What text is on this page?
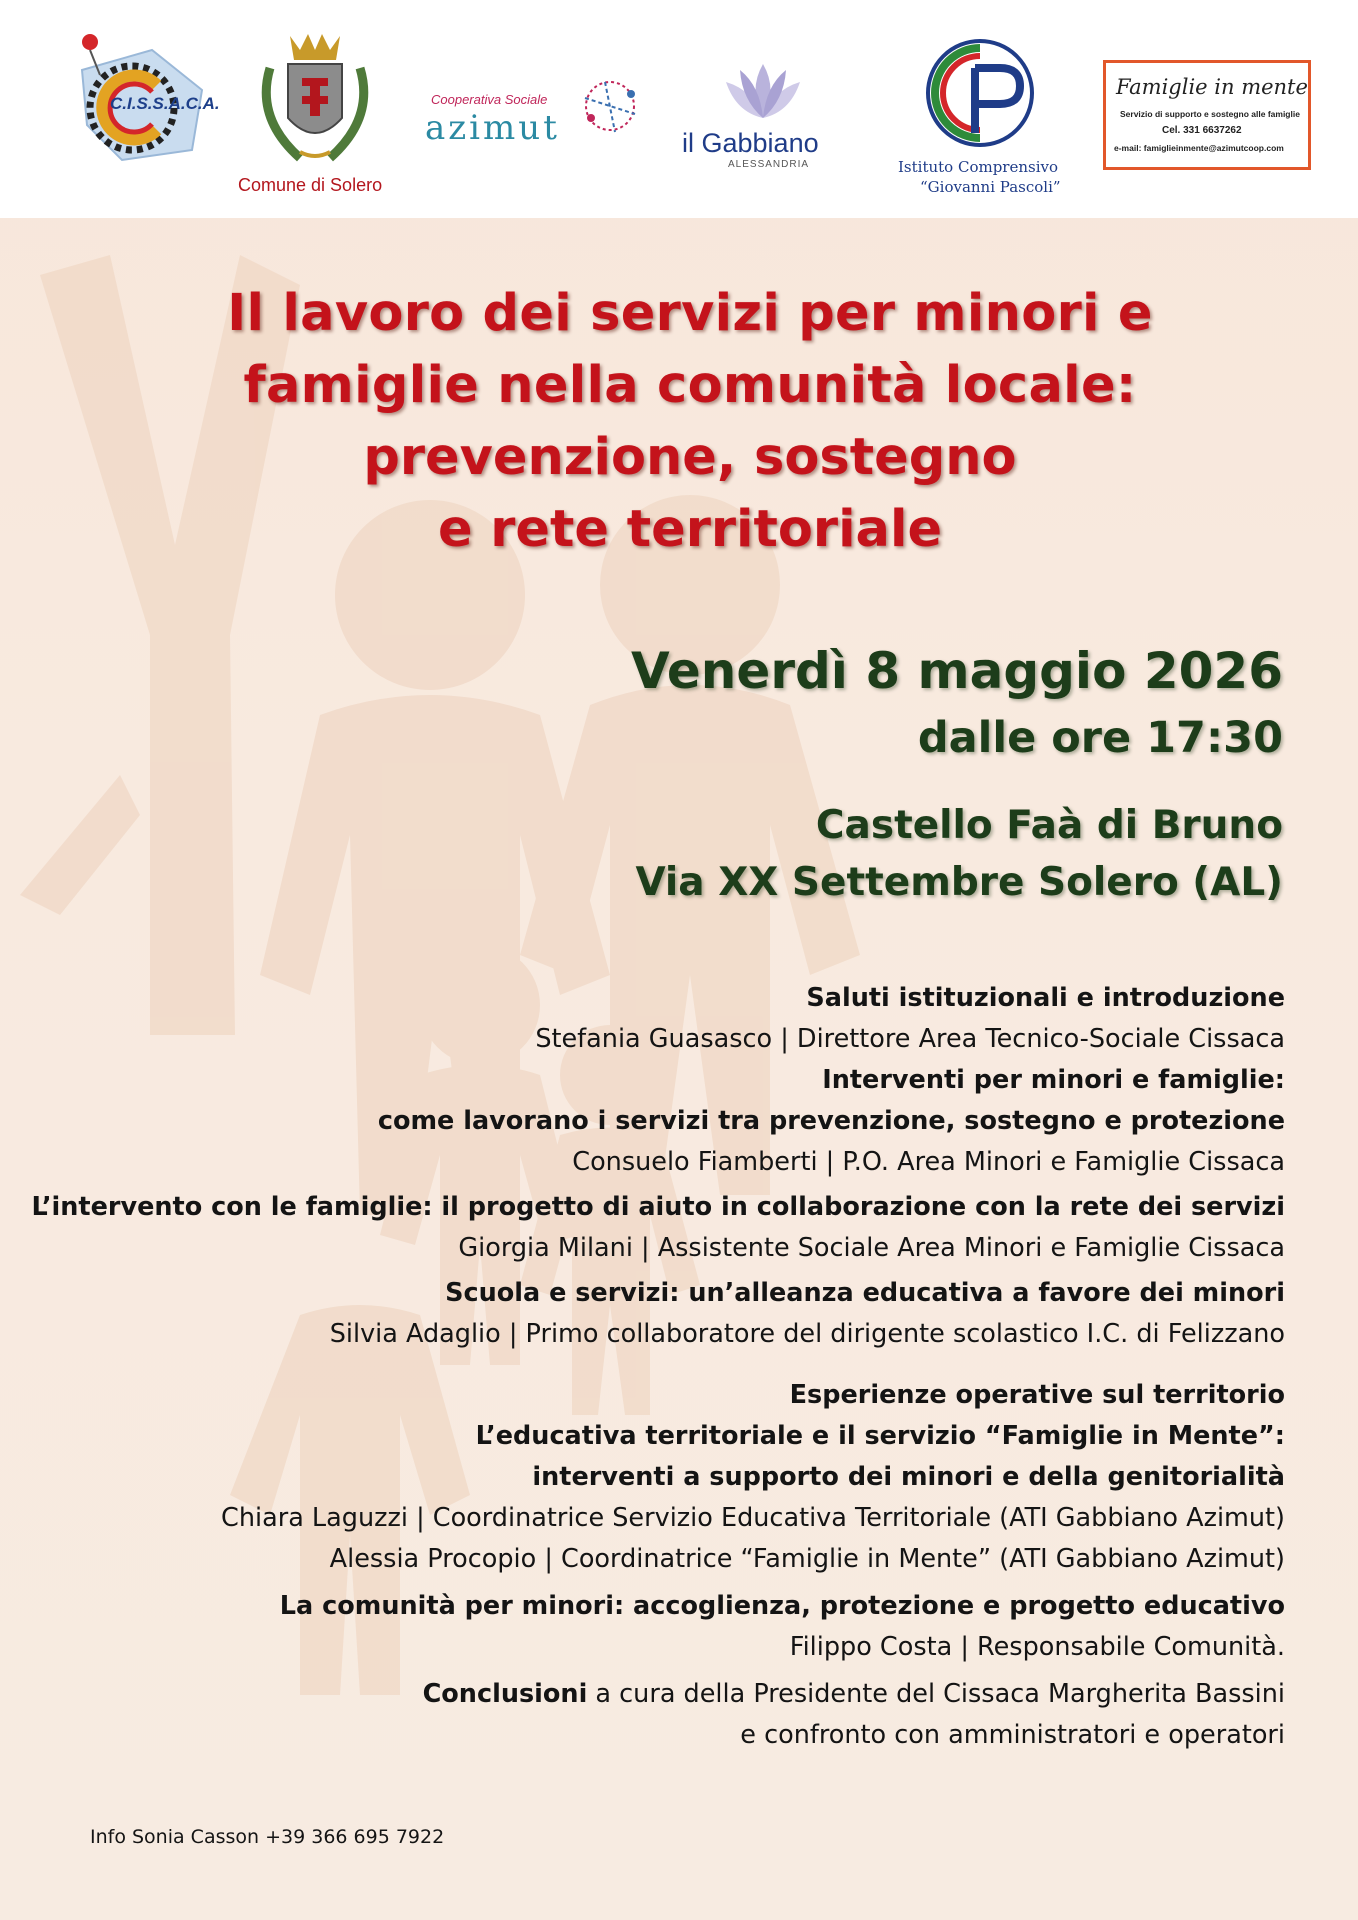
C.I.S.S.A.C.A.
Comune di Solero
Cooperativa Sociale
azimut	il Gabbiano
ALESSANDRIA	Istituto Comprensivo
“Giovanni Pascoli”
Famiglie in mente
Servizio di supporto e sostegno alle famiglie
Cel. 331 6637262
e-mail: famiglieinmente@azimutcoop.com
Il lavoro dei servizi per minori e
famiglie nella comunità locale:
prevenzione, sostegno
e rete territoriale
Venerdì 8 maggio 2026
dalle ore 17:30
Castello Faà di Bruno
Via XX Settembre Solero (AL)
Saluti istituzionali e introduzione
Stefania Guasasco | Direttore Area Tecnico-Sociale Cissaca
Interventi per minori e famiglie:
come lavorano i servizi tra prevenzione, sostegno e protezione
Consuelo Fiamberti | P.O. Area Minori e Famiglie Cissaca
L’intervento con le famiglie: il progetto di aiuto in collaborazione con la rete dei servizi
Giorgia Milani | Assistente Sociale Area Minori e Famiglie Cissaca
Scuola e servizi: un’alleanza educativa a favore dei minori
Silvia Adaglio | Primo collaboratore del dirigente scolastico I.C. di Felizzano
Esperienze operative sul territorio
L’educativa territoriale e il servizio “Famiglie in Mente”:
interventi a supporto dei minori e della genitorialità
Chiara Laguzzi | Coordinatrice Servizio Educativa Territoriale (ATI Gabbiano Azimut)
Alessia Procopio | Coordinatrice “Famiglie in Mente” (ATI Gabbiano Azimut)
La comunità per minori: accoglienza, protezione e progetto educativo
Filippo Costa | Responsabile Comunità.
Conclusioni a cura della Presidente del Cissaca Margherita Bassini
e confronto con amministratori e operatori
Info Sonia Casson +39 366 695 7922
